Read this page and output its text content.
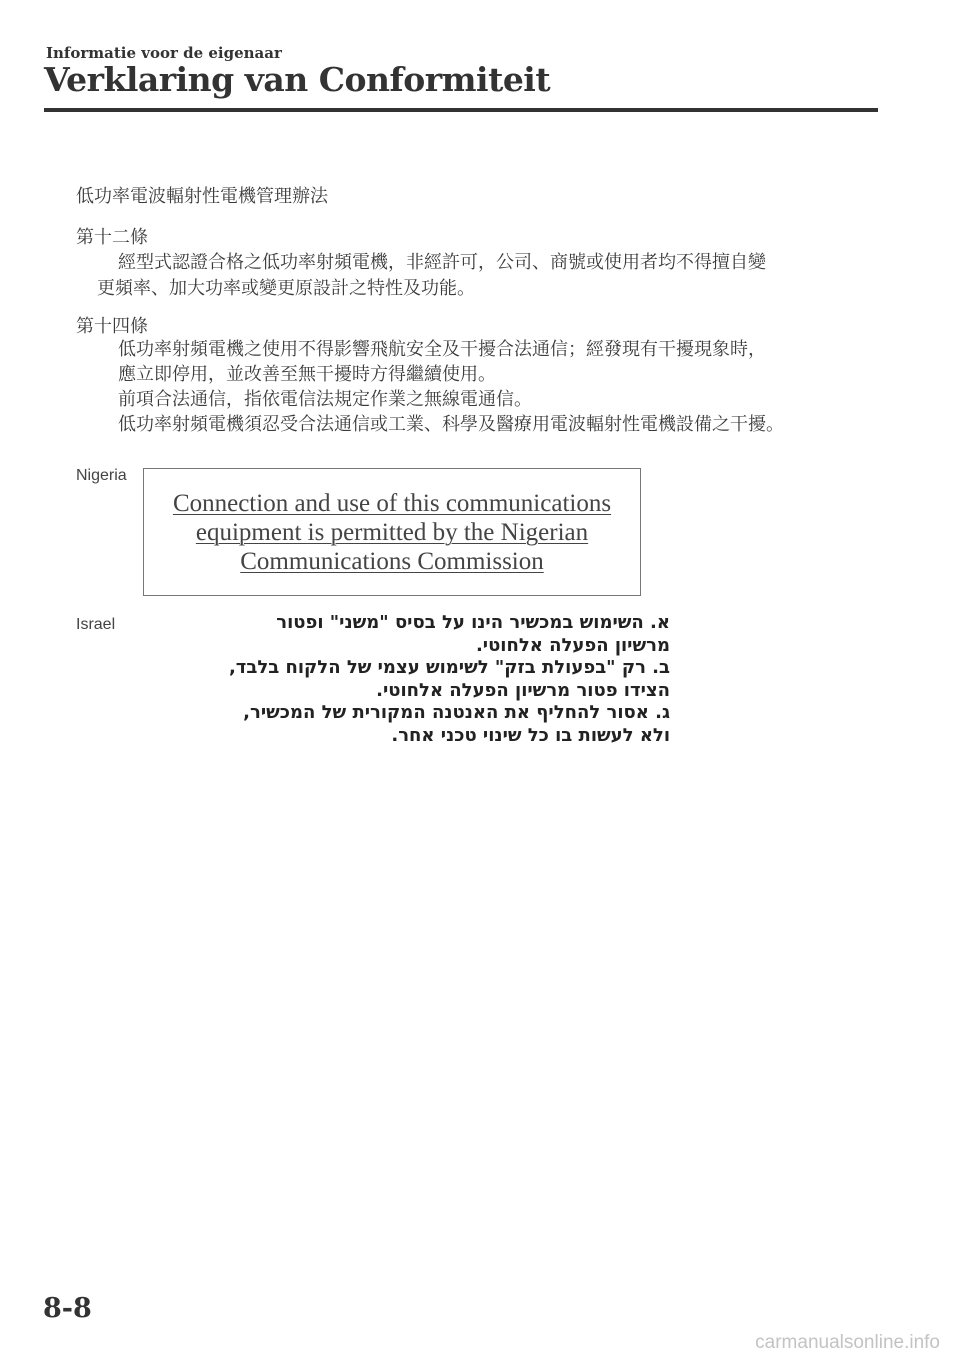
Informatie voor de eigenaar
Verklaring van Conformiteit
低功率電波輻射性電機管理辦法
第十二條
經型式認證合格之低功率射頻電機，非經許可，公司、商號或使用者均不得擅自變
更頻率、加大功率或變更原設計之特性及功能。
第十四條
低功率射頻電機之使用不得影響飛航安全及干擾合法通信；經發現有干擾現象時，
應立即停用，並改善至無干擾時方得繼續使用。
前項合法通信，指依電信法規定作業之無線電通信。
低功率射頻電機須忍受合法通信或工業、科學及醫療用電波輻射性電機設備之干擾。
Nigeria
Connection and use of this communications
equipment is permitted by the Nigerian
Communications Commission
Israel	א. השימוש במכשיר הינו על בסיס "משני" ופטור
מרשיון הפעלה אלחוטי.
ב. רק "בפעולת בזק" לשימוש עצמי של הלקוח בלבד,
הצידו פטור מרשיון הפעלה אלחוטי.
ג. אסור להחליף את האנטנה המקורית של המכשיר,
ולא לעשות בו כל שינוי טכני אחר.
8-8
carmanualsonline.info
